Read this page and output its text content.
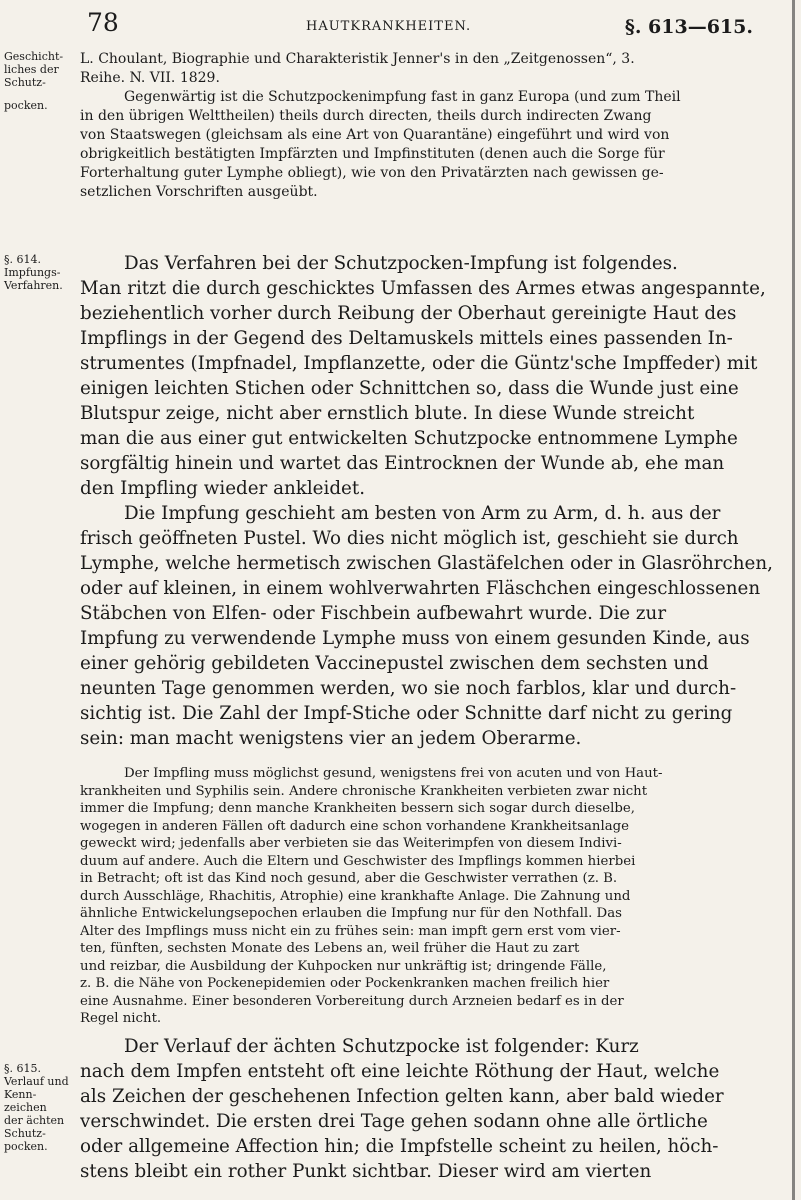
78	HAUTKRANKHEITEN.	§. 613—615.
Geschicht-
liches der
Schutz-
pocken.
§. 614.
Impfungs-
Verfahren.
§. 615.
Verlauf und
Kenn-
zeichen
der ächten
Schutz-
pocken.
L. Choulant, Biographie und Charakteristik Jenner's in den „Zeitgenossen“, 3.
Reihe. N. VII. 1829.
Gegenwärtig ist die Schutzpockenimpfung fast in ganz Europa (und zum Theil
in den übrigen Welttheilen) theils durch directen, theils durch indirecten Zwang
von Staatswegen (gleichsam als eine Art von Quarantäne) eingeführt und wird von
obrigkeitlich bestätigten Impfärzten und Impfinstituten (denen auch die Sorge für
Forterhaltung guter Lymphe obliegt), wie von den Privatärzten nach gewissen ge-
setzlichen Vorschriften ausgeübt.
Das Verfahren bei der Schutzpocken-Impfung ist folgendes.
Man ritzt die durch geschicktes Umfassen des Armes etwas angespannte,
beziehentlich vorher durch Reibung der Oberhaut gereinigte Haut des
Impflings in der Gegend des Deltamuskels mittels eines passenden In-
strumentes (Impfnadel, Impflanzette, oder die Güntz'sche Impffeder) mit
einigen leichten Stichen oder Schnittchen so, dass die Wunde just eine
Blutspur zeige, nicht aber ernstlich blute. In diese Wunde streicht
man die aus einer gut entwickelten Schutzpocke entnommene Lymphe
sorgfältig hinein und wartet das Eintrocknen der Wunde ab, ehe man
den Impfling wieder ankleidet.
Die Impfung geschieht am besten von Arm zu Arm, d. h. aus der
frisch geöffneten Pustel. Wo dies nicht möglich ist, geschieht sie durch
Lymphe, welche hermetisch zwischen Glastäfelchen oder in Glasröhrchen,
oder auf kleinen, in einem wohlverwahrten Fläschchen eingeschlossenen
Stäbchen von Elfen- oder Fischbein aufbewahrt wurde. Die zur
Impfung zu verwendende Lymphe muss von einem gesunden Kinde, aus
einer gehörig gebildeten Vaccinepustel zwischen dem sechsten und
neunten Tage genommen werden, wo sie noch farblos, klar und durch-
sichtig ist. Die Zahl der Impf-Stiche oder Schnitte darf nicht zu gering
sein: man macht wenigstens vier an jedem Oberarme.
Der Impfling muss möglichst gesund, wenigstens frei von acuten und von Haut-
krankheiten und Syphilis sein. Andere chronische Krankheiten verbieten zwar nicht
immer die Impfung; denn manche Krankheiten bessern sich sogar durch dieselbe,
wogegen in anderen Fällen oft dadurch eine schon vorhandene Krankheitsanlage
geweckt wird; jedenfalls aber verbieten sie das Weiterimpfen von diesem Indivi-
duum auf andere. Auch die Eltern und Geschwister des Impflings kommen hierbei
in Betracht; oft ist das Kind noch gesund, aber die Geschwister verrathen (z. B.
durch Ausschläge, Rhachitis, Atrophie) eine krankhafte Anlage. Die Zahnung und
ähnliche Entwickelungsepochen erlauben die Impfung nur für den Nothfall. Das
Alter des Impflings muss nicht ein zu frühes sein: man impft gern erst vom vier-
ten, fünften, sechsten Monate des Lebens an, weil früher die Haut zu zart
und reizbar, die Ausbildung der Kuhpocken nur unkräftig ist; dringende Fälle,
z. B. die Nähe von Pockenepidemien oder Pockenkranken machen freilich hier
eine Ausnahme. Einer besonderen Vorbereitung durch Arzneien bedarf es in der
Regel nicht.
Der Verlauf der ächten Schutzpocke ist folgender: Kurz
nach dem Impfen entsteht oft eine leichte Röthung der Haut, welche
als Zeichen der geschehenen Infection gelten kann, aber bald wieder
verschwindet. Die ersten drei Tage gehen sodann ohne alle örtliche
oder allgemeine Affection hin; die Impfstelle scheint zu heilen, höch-
stens bleibt ein rother Punkt sichtbar. Dieser wird am vierten
